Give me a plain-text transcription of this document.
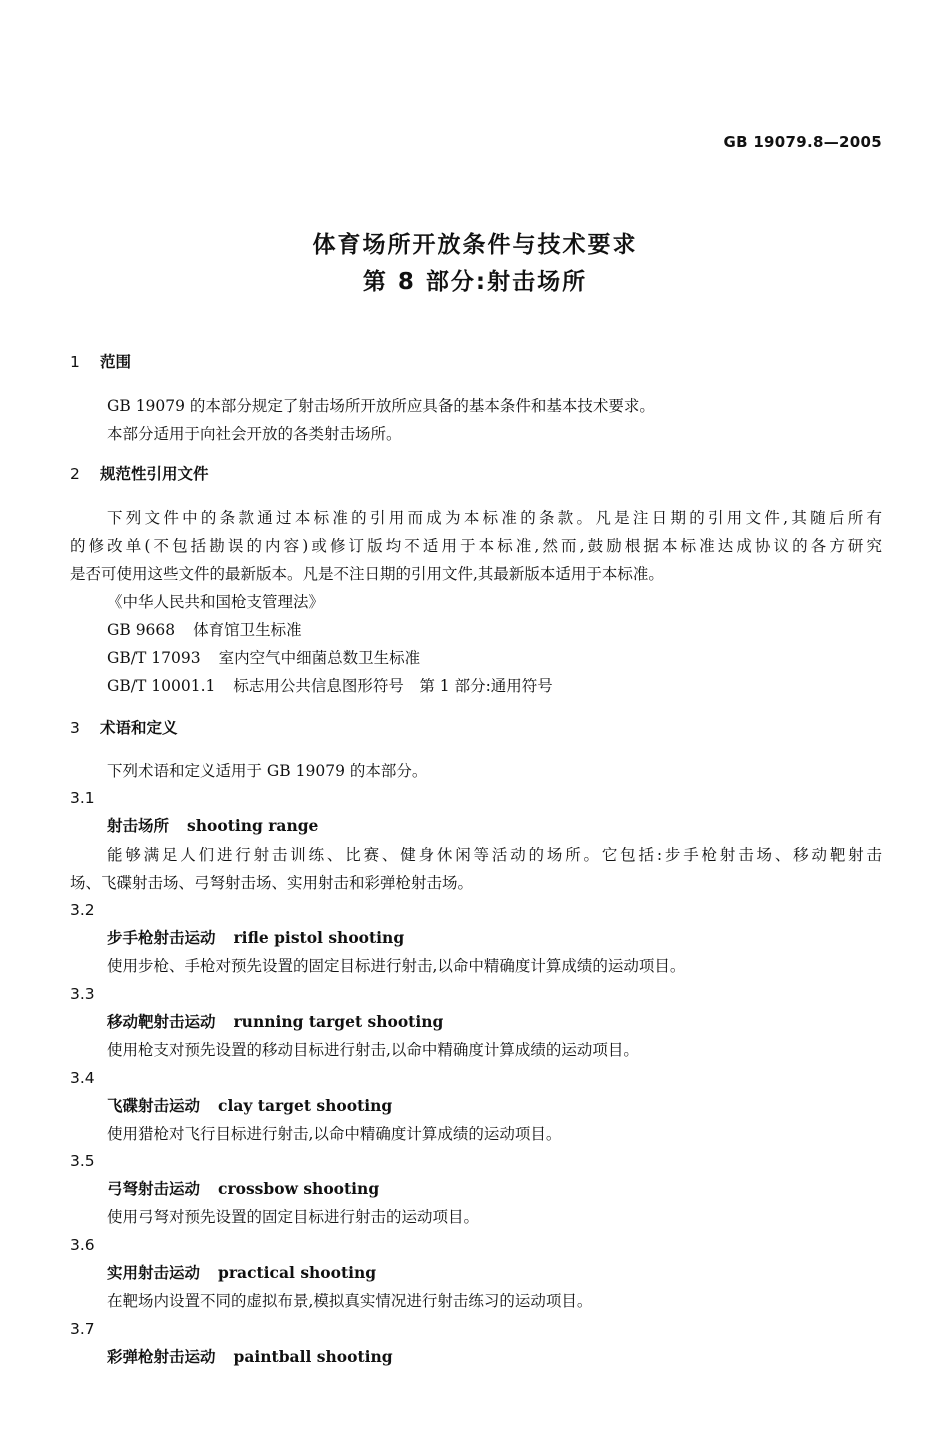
GB 19079.8—2005
体育场所开放条件与技术要求
第 8 部分:射击场所
1 范围
GB 19079 的本部分规定了射击场所开放所应具备的基本条件和基本技术要求。
本部分适用于向社会开放的各类射击场所。
2 规范性引用文件
下列文件中的条款通过本标准的引用而成为本标准的条款。凡是注日期的引用文件,其随后所有
的修改单(不包括勘误的内容)或修订版均不适用于本标准,然而,鼓励根据本标准达成协议的各方研究
是否可使用这些文件的最新版本。凡是不注日期的引用文件,其最新版本适用于本标准。
《中华人民共和国枪支管理法》
GB 9668 体育馆卫生标准
GB/T 17093 室内空气中细菌总数卫生标准
GB/T 10001.1 标志用公共信息图形符号　第 1 部分:通用符号
3 术语和定义
下列术语和定义适用于 GB 19079 的本部分。
3.1
射击场所 shooting range
能够满足人们进行射击训练、比赛、健身休闲等活动的场所。它包括:步手枪射击场、移动靶射击
场、飞碟射击场、弓弩射击场、实用射击和彩弹枪射击场。
3.2
步手枪射击运动 rifle pistol shooting
使用步枪、手枪对预先设置的固定目标进行射击,以命中精确度计算成绩的运动项目。
3.3
移动靶射击运动 running target shooting
使用枪支对预先设置的移动目标进行射击,以命中精确度计算成绩的运动项目。
3.4
飞碟射击运动 clay target shooting
使用猎枪对飞行目标进行射击,以命中精确度计算成绩的运动项目。
3.5
弓弩射击运动 crossbow shooting
使用弓弩对预先设置的固定目标进行射击的运动项目。
3.6
实用射击运动 practical shooting
在靶场内设置不同的虚拟布景,模拟真实情况进行射击练习的运动项目。
3.7
彩弹枪射击运动 paintball shooting
